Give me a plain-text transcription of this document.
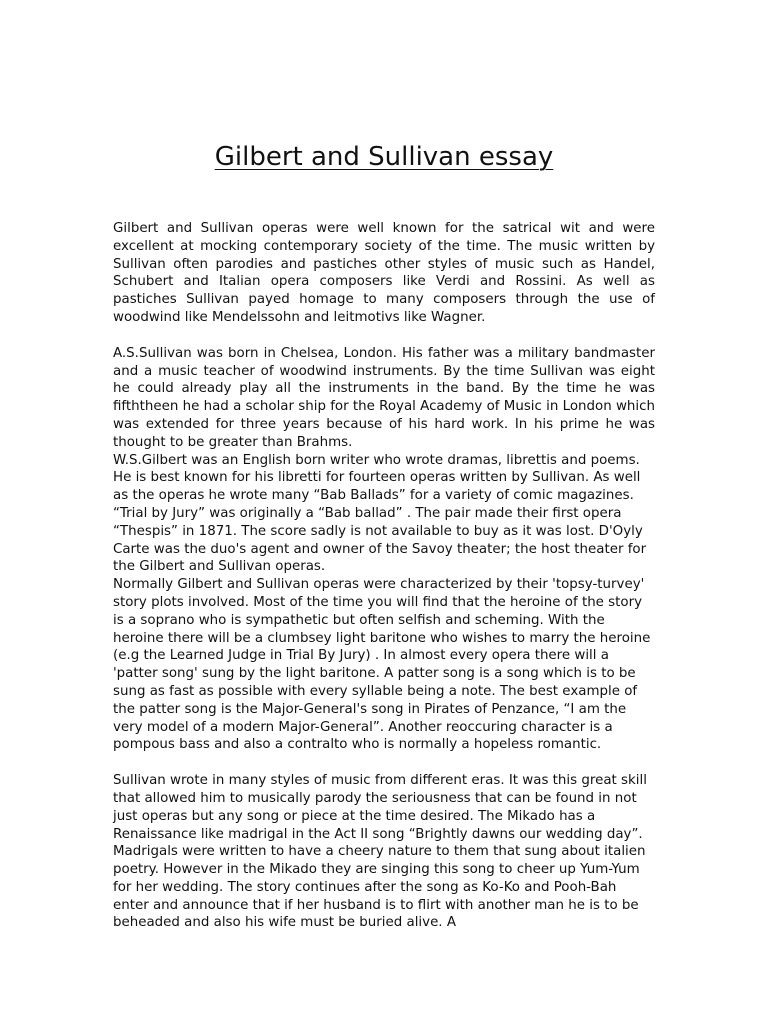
Gilbert and Sullivan essay

Gilbert and Sullivan operas were well known for the satrical wit and were excellent at mocking contemporary society of the time. The music written by Sullivan often parodies and pastiches other styles of music such as Handel, Schubert and Italian opera composers like Verdi and Rossini. As well as pastiches Sullivan payed homage to many composers through the use of woodwind like Mendelssohn and leitmotivs like Wagner.

A.S.Sullivan was born in Chelsea, London. His father was a military bandmaster and a music teacher of woodwind instruments. By the time Sullivan was eight he could already play all the instruments in the band. By the time he was fifththeen he had a scholar ship for the Royal Academy of Music in London which was extended for three years because of his hard work. In his prime he was thought to be greater than Brahms.

W.S.Gilbert was an English born writer who wrote dramas, librettis and poems. He is best known for his libretti for fourteen operas written by Sullivan. As well as the operas he wrote many “Bab Ballads” for a variety of comic magazines. “Trial by Jury” was originally a “Bab ballad” . The pair made their first opera “Thespis” in 1871. The score sadly is not available to buy as it was lost. D'Oyly Carte was the duo's agent and owner of the Savoy theater; the host theater for the Gilbert and Sullivan operas.

Normally Gilbert and Sullivan operas were characterized by their 'topsy-turvey' story plots involved. Most of the time you will find that the heroine of the story is a soprano who is sympathetic but often selfish and scheming. With the heroine there will be a clumbsey light baritone who wishes to marry the heroine (e.g the Learned Judge in Trial By Jury) . In almost every opera there will a 'patter song' sung by the light baritone. A patter song is a song which is to be sung as fast as possible with every syllable being a note. The best example of the patter song is the Major-General's song in Pirates of Penzance, “I am the very model of a modern Major-General”. Another reoccuring character is a pompous bass and also a contralto who is normally a hopeless romantic.

Sullivan wrote in many styles of music from different eras. It was this great skill that allowed him to musically parody the seriousness that can be found in not just operas but any song or piece at the time desired. The Mikado has a Renaissance like madrigal in the Act II song “Brightly dawns our wedding day”. Madrigals were written to have a cheery nature to them that sung about italien poetry. However in the Mikado they are singing this song to cheer up Yum-Yum for her wedding. The story continues after the song as Ko-Ko and Pooh-Bah enter and announce that if her husband is to flirt with another man he is to be beheaded and also his wife must be buried alive. A
